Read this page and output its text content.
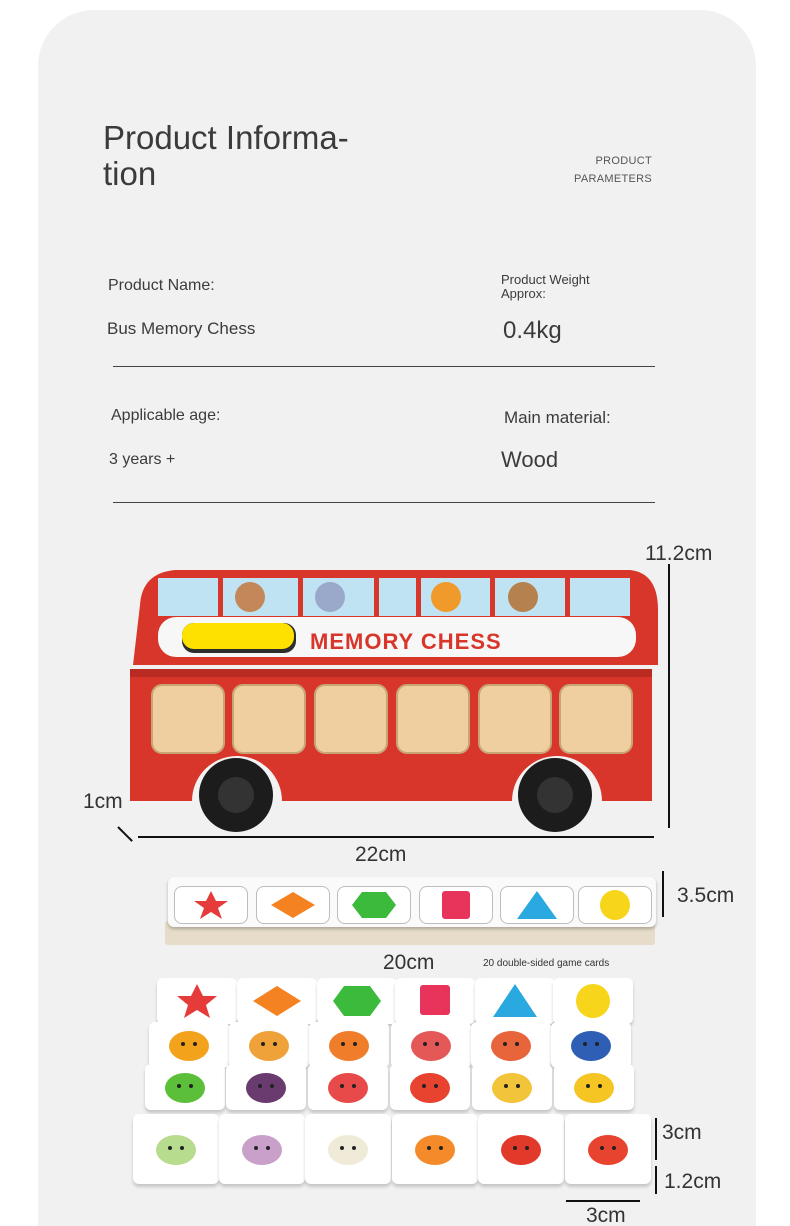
Product Informa-
tion	PRODUCT
PARAMETERS
Product Name:
Bus Memory Chess
Product Weight
Approx:
0.4kg
Applicable age:
3 years +
Main material:
Wood
MEMORY CHESS
11.2cm
1cm
22cm
3.5cm
20cm	20 double-sided game cards
3cm
1.2cm
3cm
